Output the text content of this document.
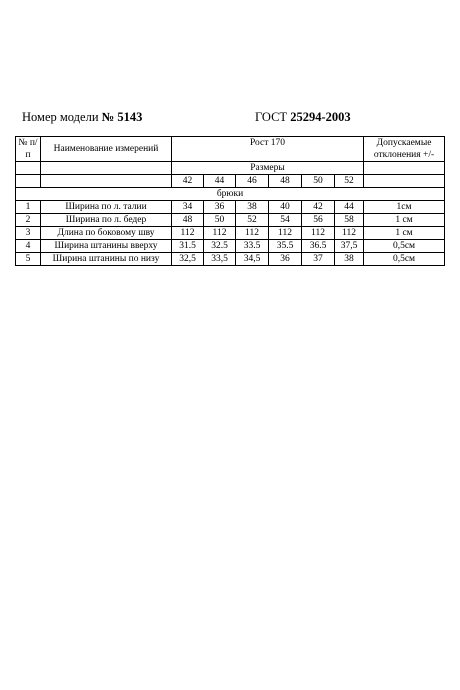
Номер модели № 5143	ГОСТ 25294-2003
№ п/п	Наименование измерений	Рост 170						Допускаемые отклонения +/-

		Размеры						
		42	44	46	48	50	52	
брюки								
1	Ширина по л. талии	34	36	38	40	42	44	1см
2	Ширина по л. бедер	48	50	52	54	56	58	1 см
3	Длина по боковому шву	112	112	112	112	112	112	1 см
4	Ширина штанины вверху	31.5	32.5	33.5	35.5	36.5	37,5	0,5см
5	Ширина штанины по низу	32,5	33,5	34,5	36	37	38	0,5см
